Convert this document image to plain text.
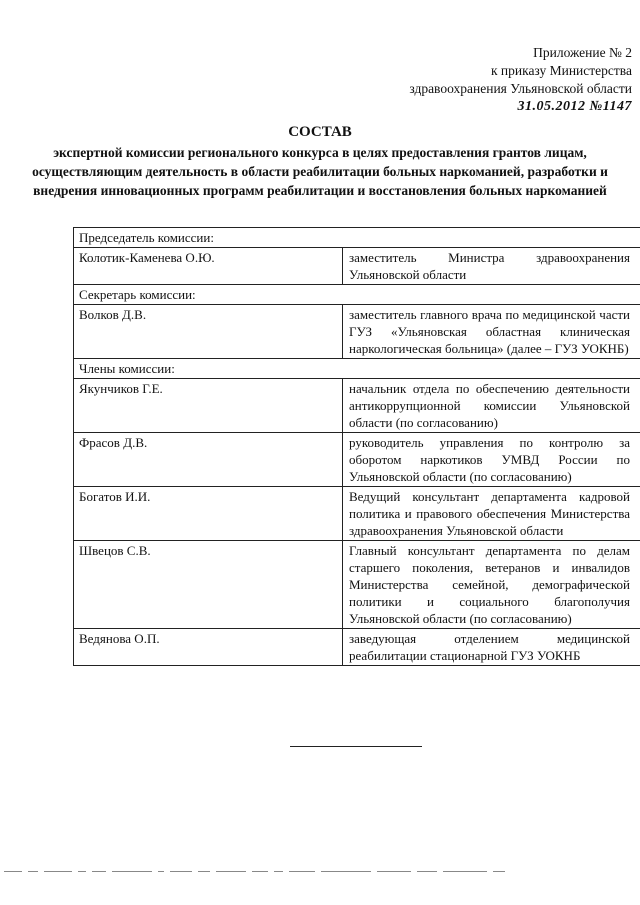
Приложение № 2
к приказу Министерства
здравоохранения Ульяновской области
31.05.2012 №1147
СОСТАВ
экспертной комиссии регионального конкурса в целях предоставления грантов лицам, осуществляющим деятельность в области реабилитации больных наркоманией, разработки и внедрения инновационных программ реабилитации и восстановления больных наркоманией
Председатель комиссии:	
Колотик-Каменева О.Ю.	заместитель Министра здравоохранения Ульяновской области
Секретарь комиссии:	
Волков Д.В.	заместитель главного врача по медицинской части ГУЗ «Ульяновская областная клиническая наркологическая больница» (далее – ГУЗ УОКНБ)
Члены комиссии:	
Якунчиков Г.Е.	начальник отдела по обеспечению деятельности антикоррупционной комиссии Ульяновской области (по согласованию)
Фрасов Д.В.	руководитель управления по контролю за оборотом наркотиков УМВД России по Ульяновской области (по согласованию)
Богатов И.И.	Ведущий консультант департамента кадровой политика и правового обеспечения Министерства здравоохранения Ульяновской области
Швецов С.В.	Главный консультант департамента по делам старшего поколения, ветеранов и инвалидов Министерства семейной, демографической политики и социального благополучия Ульяновской области (по согласованию)
Ведянова О.П.	заведующая отделением медицинской реабилитации стационарной ГУЗ УОКНБ
